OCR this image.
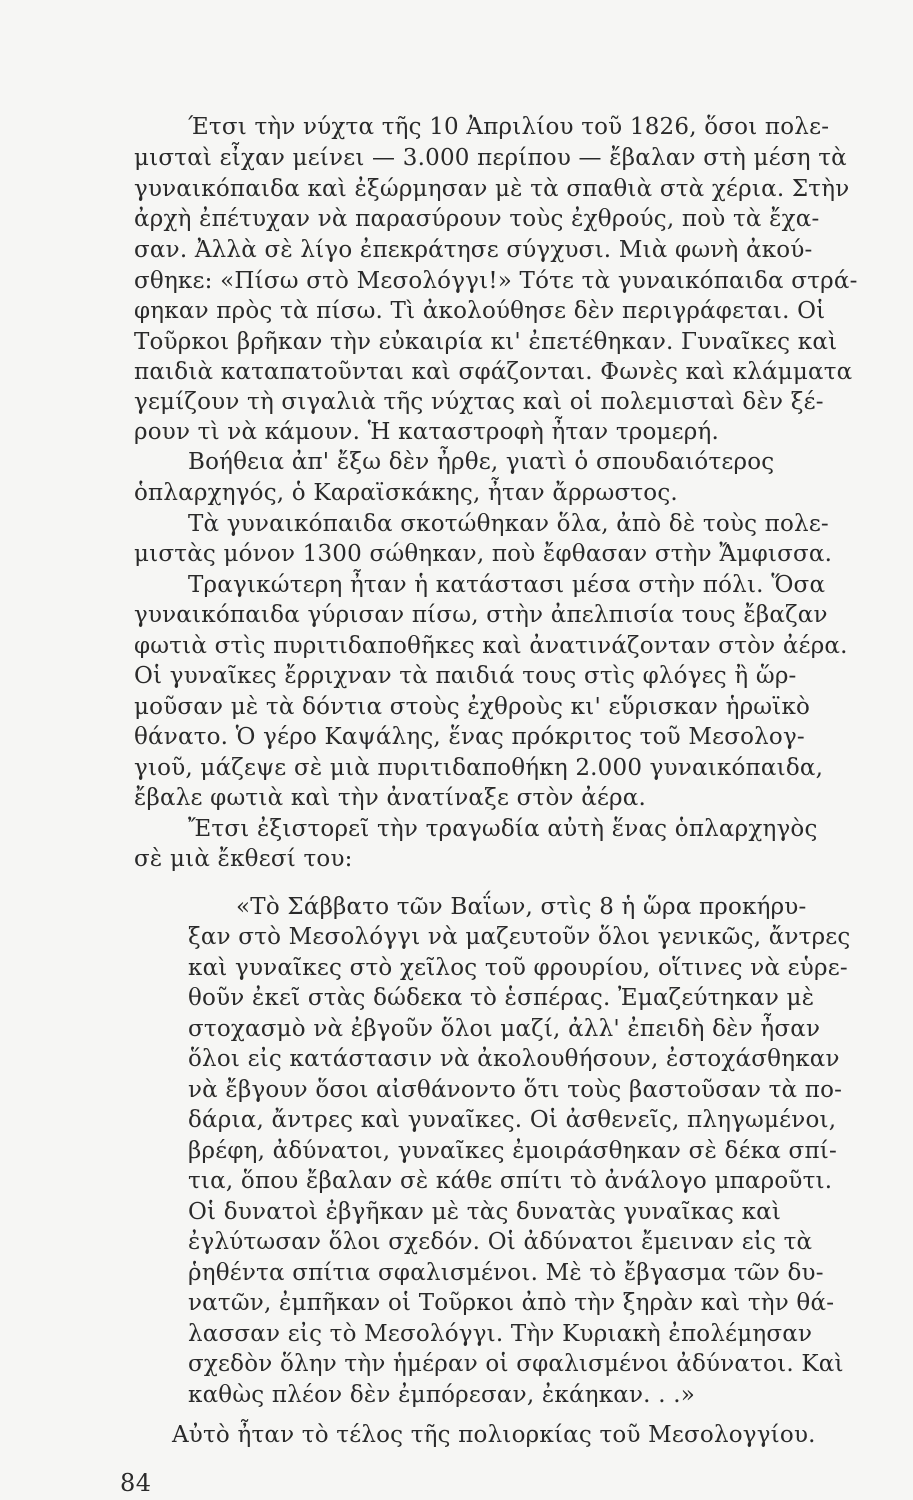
Έτσι τὴν νύχτα τῆς 10 Ἀπριλίου τοῦ 1826, ὅσοι πολε-
μισταὶ εἶχαν μείνει — 3.000 περίπου — ἔβαλαν στὴ μέση τὰ
γυναικόπαιδα καὶ ἐξώρμησαν μὲ τὰ σπαθιὰ στὰ χέρια. Στὴν
ἀρχὴ ἐπέτυχαν νὰ παρασύρουν τοὺς ἐχθρούς, ποὺ τὰ ἔχα-
σαν. Ἀλλὰ σὲ λίγο ἐπεκράτησε σύγχυσι. Μιὰ φωνὴ ἀκού-
σθηκε: «Πίσω στὸ Μεσολόγγι!» Τότε τὰ γυναικόπαιδα στρά-
φηκαν πρὸς τὰ πίσω. Τὶ ἀκολούθησε δὲν περιγράφεται. Οἱ
Τοῦρκοι βρῆκαν τὴν εὐκαιρία κι' ἐπετέθηκαν. Γυναῖκες καὶ
παιδιὰ καταπατοῦνται καὶ σφάζονται. Φωνὲς καὶ κλάμματα
γεμίζουν τὴ σιγαλιὰ τῆς νύχτας καὶ οἱ πολεμισταὶ δὲν ξέ-
ρουν τὶ νὰ κάμουν. Ἡ καταστροφὴ ἦταν τρομερή.
Βοήθεια ἀπ' ἔξω δὲν ἦρθε, γιατὶ ὁ σπουδαιότερος
ὁπλαρχηγός, ὁ Καραϊσκάκης, ἦταν ἄρρωστος.
Τὰ γυναικόπαιδα σκοτώθηκαν ὅλα, ἀπὸ δὲ τοὺς πολε-
μιστὰς μόνον 1300 σώθηκαν, ποὺ ἔφθασαν στὴν Ἄμφισσα.
Τραγικώτερη ἦταν ἡ κατάστασι μέσα στὴν πόλι. Ὅσα
γυναικόπαιδα γύρισαν πίσω, στὴν ἀπελπισία τους ἔβαζαν
φωτιὰ στὶς πυριτιδαποθῆκες καὶ ἀνατινάζονταν στὸν ἀέρα.
Οἱ γυναῖκες ἔρριχναν τὰ παιδιά τους στὶς φλόγες ἢ ὥρ-
μοῦσαν μὲ τὰ δόντια στοὺς ἐχθροὺς κι' εὕρισκαν ἡρωϊκὸ
θάνατο. Ὁ γέρο Καψάλης, ἕνας πρόκριτος τοῦ Μεσολογ-
γιοῦ, μάζεψε σὲ μιὰ πυριτιδαποθήκη 2.000 γυναικόπαιδα,
ἔβαλε φωτιὰ καὶ τὴν ἀνατίναξε στὸν ἀέρα.
Ἔτσι ἐξιστορεῖ τὴν τραγωδία αὐτὴ ἕνας ὁπλαρχηγὸς
σὲ μιὰ ἔκθεσί του:
«Τὸ Σάββατο τῶν Βαΐων, στὶς 8 ἡ ὥρα προκήρυ-
ξαν στὸ Μεσολόγγι νὰ μαζευτοῦν ὅλοι γενικῶς, ἄντρες
καὶ γυναῖκες στὸ χεῖλος τοῦ φρουρίου, οἵτινες νὰ εὑρε-
θοῦν ἐκεῖ στὰς δώδεκα τὸ ἑσπέρας. Ἐμαζεύτηκαν μὲ
στοχασμὸ νὰ ἐβγοῦν ὅλοι μαζί, ἀλλ' ἐπειδὴ δὲν ἦσαν
ὅλοι εἰς κατάστασιν νὰ ἀκολουθήσουν, ἐστοχάσθηκαν
νὰ ἔβγουν ὅσοι αἰσθάνοντο ὅτι τοὺς βαστοῦσαν τὰ πο-
δάρια, ἄντρες καὶ γυναῖκες. Οἱ ἀσθενεῖς, πληγωμένοι,
βρέφη, ἀδύνατοι, γυναῖκες ἐμοιράσθηκαν σὲ δέκα σπί-
τια, ὅπου ἔβαλαν σὲ κάθε σπίτι τὸ ἀνάλογο μπαροῦτι.
Οἱ δυνατοὶ ἐβγῆκαν μὲ τὰς δυνατὰς γυναῖκας καὶ
ἐγλύτωσαν ὅλοι σχεδόν. Οἱ ἀδύνατοι ἔμειναν εἰς τὰ
ῥηθέντα σπίτια σφαλισμένοι. Μὲ τὸ ἔβγασμα τῶν δυ-
νατῶν, ἐμπῆκαν οἱ Τοῦρκοι ἀπὸ τὴν ξηρὰν καὶ τὴν θά-
λασσαν εἰς τὸ Μεσολόγγι. Τὴν Κυριακὴ ἐπολέμησαν
σχεδὸν ὅλην τὴν ἡμέραν οἱ σφαλισμένοι ἀδύνατοι. Καὶ
καθὼς πλέον δὲν ἐμπόρεσαν, ἐκάηκαν. . .»
Αὐτὸ ἦταν τὸ τέλος τῆς πολιορκίας τοῦ Μεσολογγίου.
84
